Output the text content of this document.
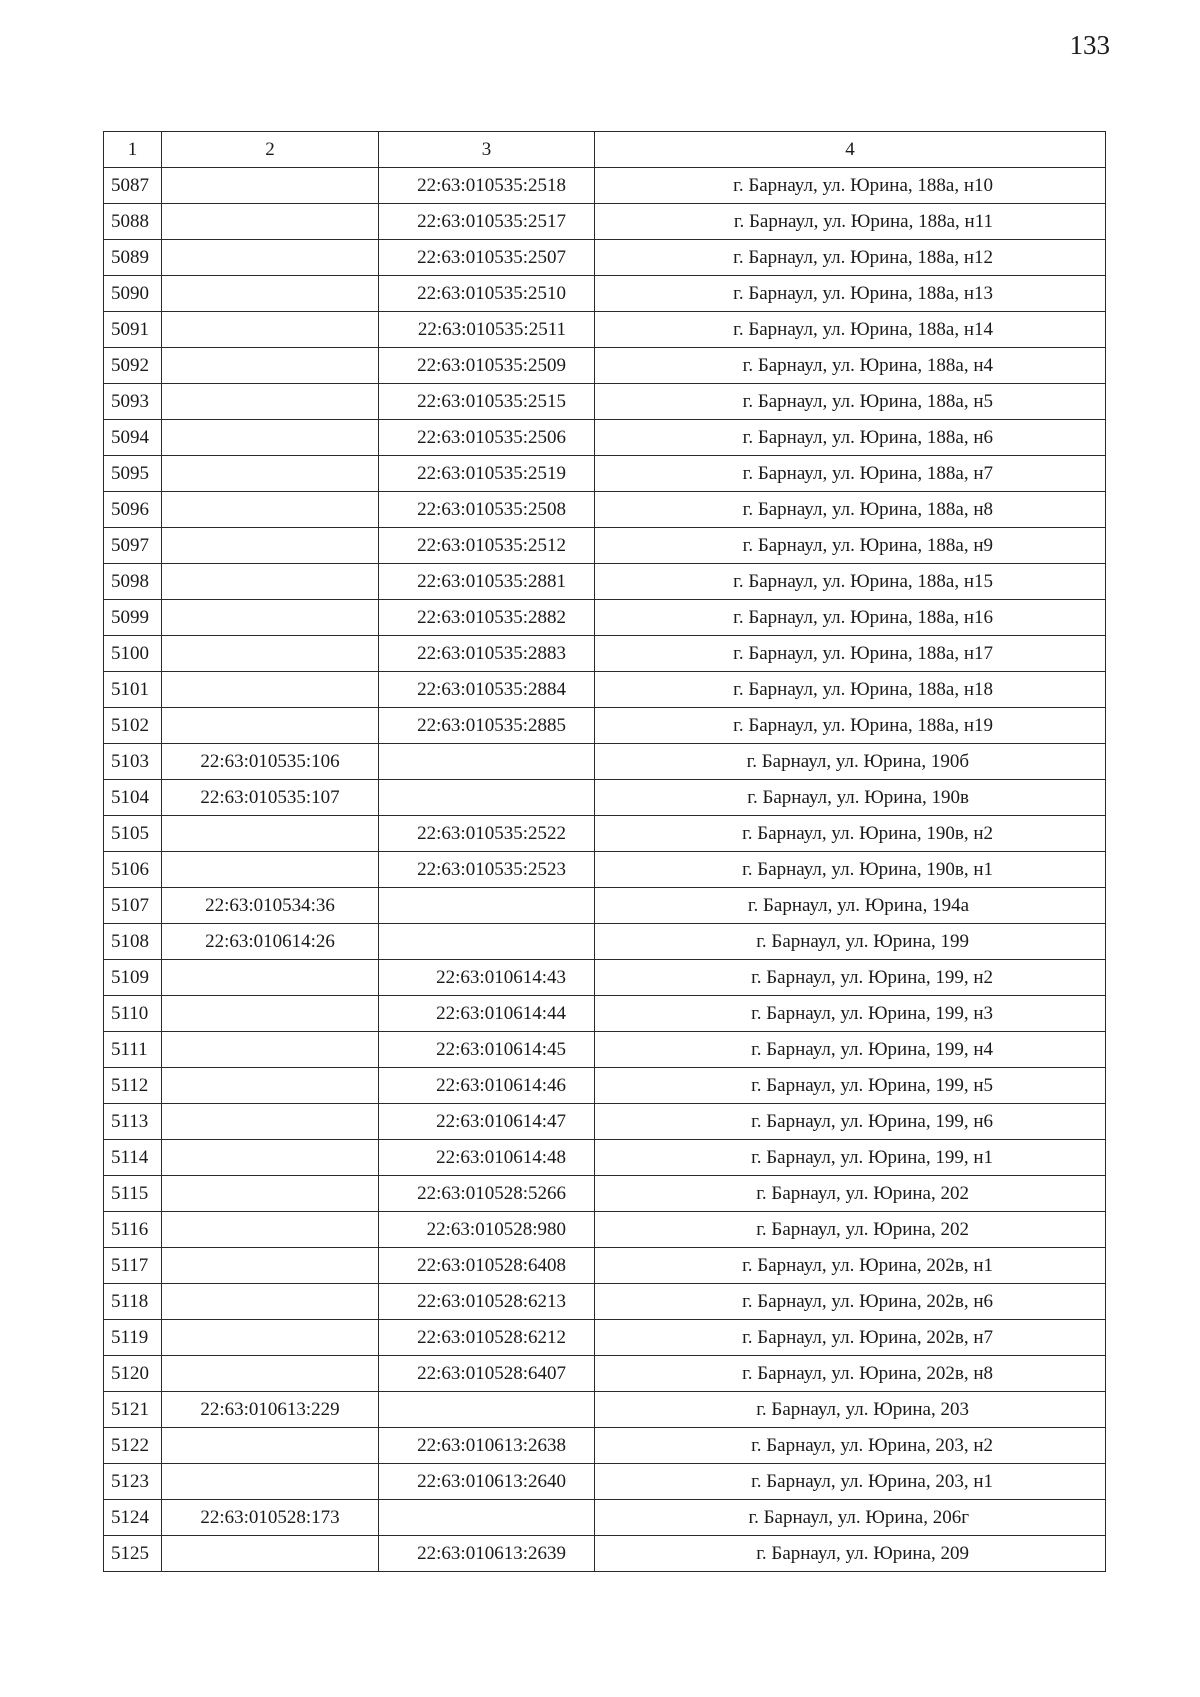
133
1	2	3	4
5087		22:63:010535:2518	г. Барнаул, ул. Юрина, 188а, н10
5088		22:63:010535:2517	г. Барнаул, ул. Юрина, 188а, н11
5089		22:63:010535:2507	г. Барнаул, ул. Юрина, 188а, н12
5090		22:63:010535:2510	г. Барнаул, ул. Юрина, 188а, н13
5091		22:63:010535:2511	г. Барнаул, ул. Юрина, 188а, н14
5092		22:63:010535:2509	г. Барнаул, ул. Юрина, 188а, н4
5093		22:63:010535:2515	г. Барнаул, ул. Юрина, 188а, н5
5094		22:63:010535:2506	г. Барнаул, ул. Юрина, 188а, н6
5095		22:63:010535:2519	г. Барнаул, ул. Юрина, 188а, н7
5096		22:63:010535:2508	г. Барнаул, ул. Юрина, 188а, н8
5097		22:63:010535:2512	г. Барнаул, ул. Юрина, 188а, н9
5098		22:63:010535:2881	г. Барнаул, ул. Юрина, 188а, н15
5099		22:63:010535:2882	г. Барнаул, ул. Юрина, 188а, н16
5100		22:63:010535:2883	г. Барнаул, ул. Юрина, 188а, н17
5101		22:63:010535:2884	г. Барнаул, ул. Юрина, 188а, н18
5102		22:63:010535:2885	г. Барнаул, ул. Юрина, 188а, н19
5103	22:63:010535:106		г. Барнаул, ул. Юрина, 190б
5104	22:63:010535:107		г. Барнаул, ул. Юрина, 190в
5105		22:63:010535:2522	г. Барнаул, ул. Юрина, 190в, н2
5106		22:63:010535:2523	г. Барнаул, ул. Юрина, 190в, н1
5107	22:63:010534:36		г. Барнаул, ул. Юрина, 194а
5108	22:63:010614:26		г. Барнаул, ул. Юрина, 199
5109		22:63:010614:43	г. Барнаул, ул. Юрина, 199, н2
5110		22:63:010614:44	г. Барнаул, ул. Юрина, 199, н3
5111		22:63:010614:45	г. Барнаул, ул. Юрина, 199, н4
5112		22:63:010614:46	г. Барнаул, ул. Юрина, 199, н5
5113		22:63:010614:47	г. Барнаул, ул. Юрина, 199, н6
5114		22:63:010614:48	г. Барнаул, ул. Юрина, 199, н1
5115		22:63:010528:5266	г. Барнаул, ул. Юрина, 202
5116		22:63:010528:980	г. Барнаул, ул. Юрина, 202
5117		22:63:010528:6408	г. Барнаул, ул. Юрина, 202в, н1
5118		22:63:010528:6213	г. Барнаул, ул. Юрина, 202в, н6
5119		22:63:010528:6212	г. Барнаул, ул. Юрина, 202в, н7
5120		22:63:010528:6407	г. Барнаул, ул. Юрина, 202в, н8
5121	22:63:010613:229		г. Барнаул, ул. Юрина, 203
5122		22:63:010613:2638	г. Барнаул, ул. Юрина, 203, н2
5123		22:63:010613:2640	г. Барнаул, ул. Юрина, 203, н1
5124	22:63:010528:173		г. Барнаул, ул. Юрина, 206г
5125		22:63:010613:2639	г. Барнаул, ул. Юрина, 209
